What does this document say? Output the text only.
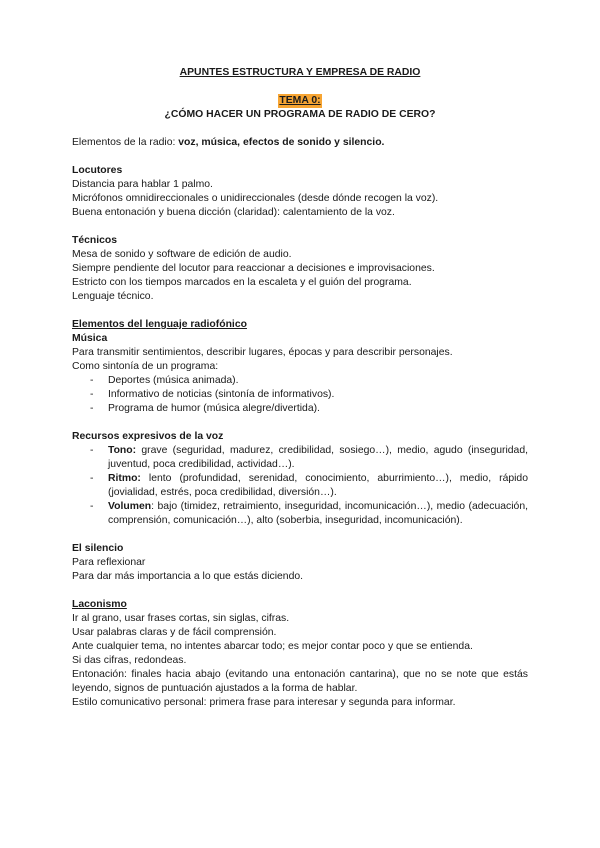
APUNTES ESTRUCTURA Y EMPRESA DE RADIO
TEMA 0:
¿CÓMO HACER UN PROGRAMA DE RADIO DE CERO?
Elementos de la radio: voz, música, efectos de sonido y silencio.
Locutores
Distancia para hablar 1 palmo.
Micrófonos omnidireccionales o unidireccionales (desde dónde recogen la voz).
Buena entonación y buena dicción (claridad): calentamiento de la voz.
Técnicos
Mesa de sonido y software de edición de audio.
Siempre pendiente del locutor para reaccionar a decisiones e improvisaciones.
Estricto con los tiempos marcados en la escaleta y el guión del programa.
Lenguaje técnico.
Elementos del lenguaje radiofónico
Música
Para transmitir sentimientos, describir lugares, épocas y para describir personajes.
Como sintonía de un programa:
- Deportes (música animada).
- Informativo de noticias (sintonía de informativos).
- Programa de humor (música alegre/divertida).
Recursos expresivos de la voz
- Tono: grave (seguridad, madurez, credibilidad, sosiego…), medio, agudo (inseguridad, juventud, poca credibilidad, actividad…).
- Ritmo: lento (profundidad, serenidad, conocimiento, aburrimiento…), medio, rápido (jovialidad, estrés, poca credibilidad, diversión…).
- Volumen: bajo (timidez, retraimiento, inseguridad, incomunicación…), medio (adecuación, comprensión, comunicación…), alto (soberbia, inseguridad, incomunicación).
El silencio
Para reflexionar
Para dar más importancia a lo que estás diciendo.
Laconismo
Ir al grano, usar frases cortas, sin siglas, cifras.
Usar palabras claras y de fácil comprensión.
Ante cualquier tema, no intentes abarcar todo; es mejor contar poco y que se entienda.
Si das cifras, redondeas.
Entonación: finales hacia abajo (evitando una entonación cantarina), que no se note que estás leyendo, signos de puntuación ajustados a la forma de hablar.
Estilo comunicativo personal: primera frase para interesar y segunda para informar.
